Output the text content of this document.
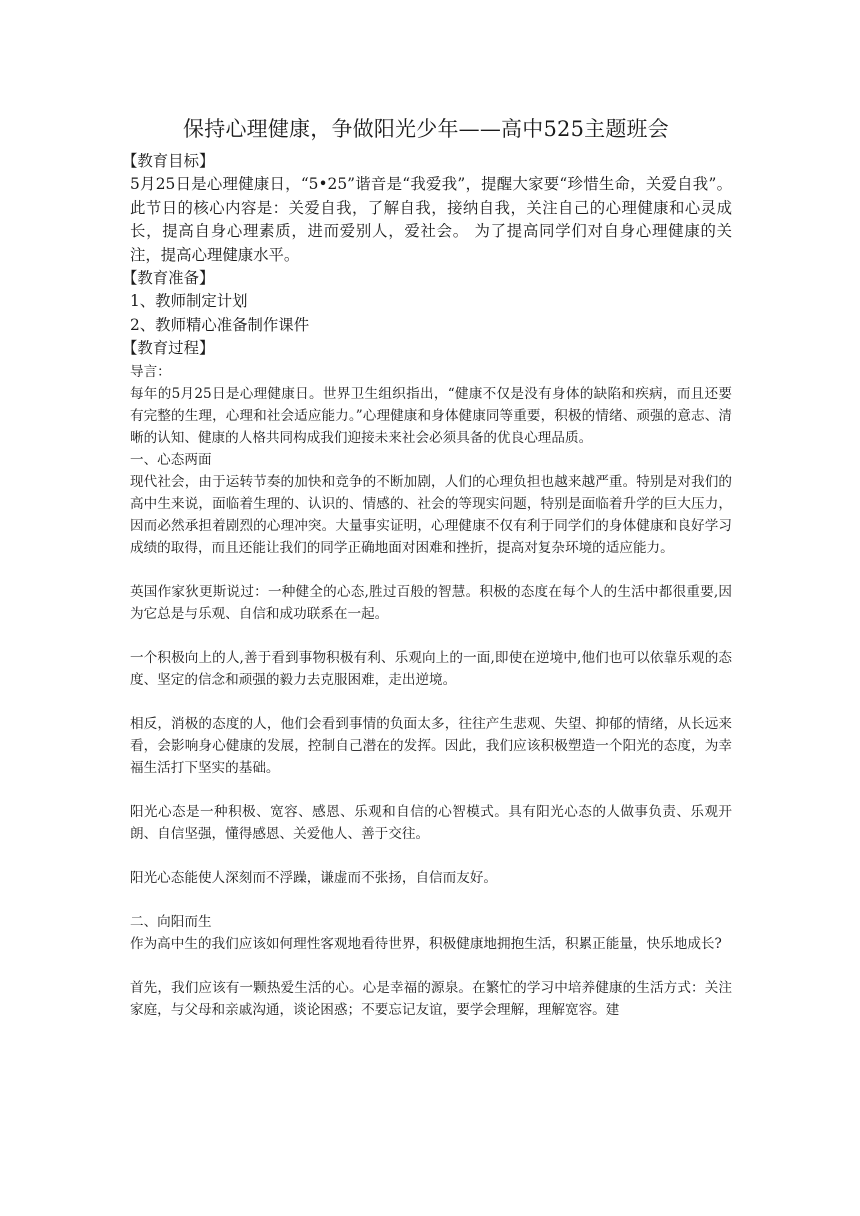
保持心理健康，争做阳光少年——高中525主题班会

【教育目标】

5月25日是心理健康日，“5•25”谐音是“我爱我”，提醒大家要“珍惜生命，关爱自我”。此节日的核心内容是：关爱自我，了解自我，接纳自我，关注自己的心理健康和心灵成长，提高自身心理素质，进而爱别人，爱社会。 为了提高同学们对自身心理健康的关注，提高心理健康水平。

【教育准备】

1、教师制定计划

2、教师精心准备制作课件

【教育过程】

导言：

每年的5月25日是心理健康日。世界卫生组织指出，“健康不仅是没有身体的缺陷和疾病，而且还要有完整的生理，心理和社会适应能力。”心理健康和身体健康同等重要，积极的情绪、顽强的意志、清晰的认知、健康的人格共同构成我们迎接未来社会必须具备的优良心理品质。

一、心态两面

现代社会，由于运转节奏的加快和竞争的不断加剧，人们的心理负担也越来越严重。特别是对我们的高中生来说，面临着生理的、认识的、情感的、社会的等现实问题，特别是面临着升学的巨大压力，因而必然承担着剧烈的心理冲突。大量事实证明，心理健康不仅有利于同学们的身体健康和良好学习成绩的取得，而且还能让我们的同学正确地面对困难和挫折，提高对复杂环境的适应能力。

英国作家狄更斯说过：一种健全的心态,胜过百般的智慧。积极的态度在每个人的生活中都很重要,因为它总是与乐观、自信和成功联系在一起。

一个积极向上的人,善于看到事物积极有利、乐观向上的一面,即使在逆境中,他们也可以依靠乐观的态度、坚定的信念和顽强的毅力去克服困难，走出逆境。

相反，消极的态度的人，他们会看到事情的负面太多，往往产生悲观、失望、抑郁的情绪，从长远来看，会影响身心健康的发展，控制自己潜在的发挥。因此，我们应该积极塑造一个阳光的态度，为幸福生活打下坚实的基础。

阳光心态是一种积极、宽容、感恩、乐观和自信的心智模式。具有阳光心态的人做事负责、乐观开朗、自信坚强，懂得感恩、关爱他人、善于交往。

阳光心态能使人深刻而不浮躁，谦虚而不张扬，自信而友好。

二、向阳而生

作为高中生的我们应该如何理性客观地看待世界，积极健康地拥抱生活，积累正能量，快乐地成长?

首先，我们应该有一颗热爱生活的心。心是幸福的源泉。在繁忙的学习中培养健康的生活方式：关注家庭，与父母和亲戚沟通，谈论困惑；不要忘记友谊，要学会理解，理解宽容。建
